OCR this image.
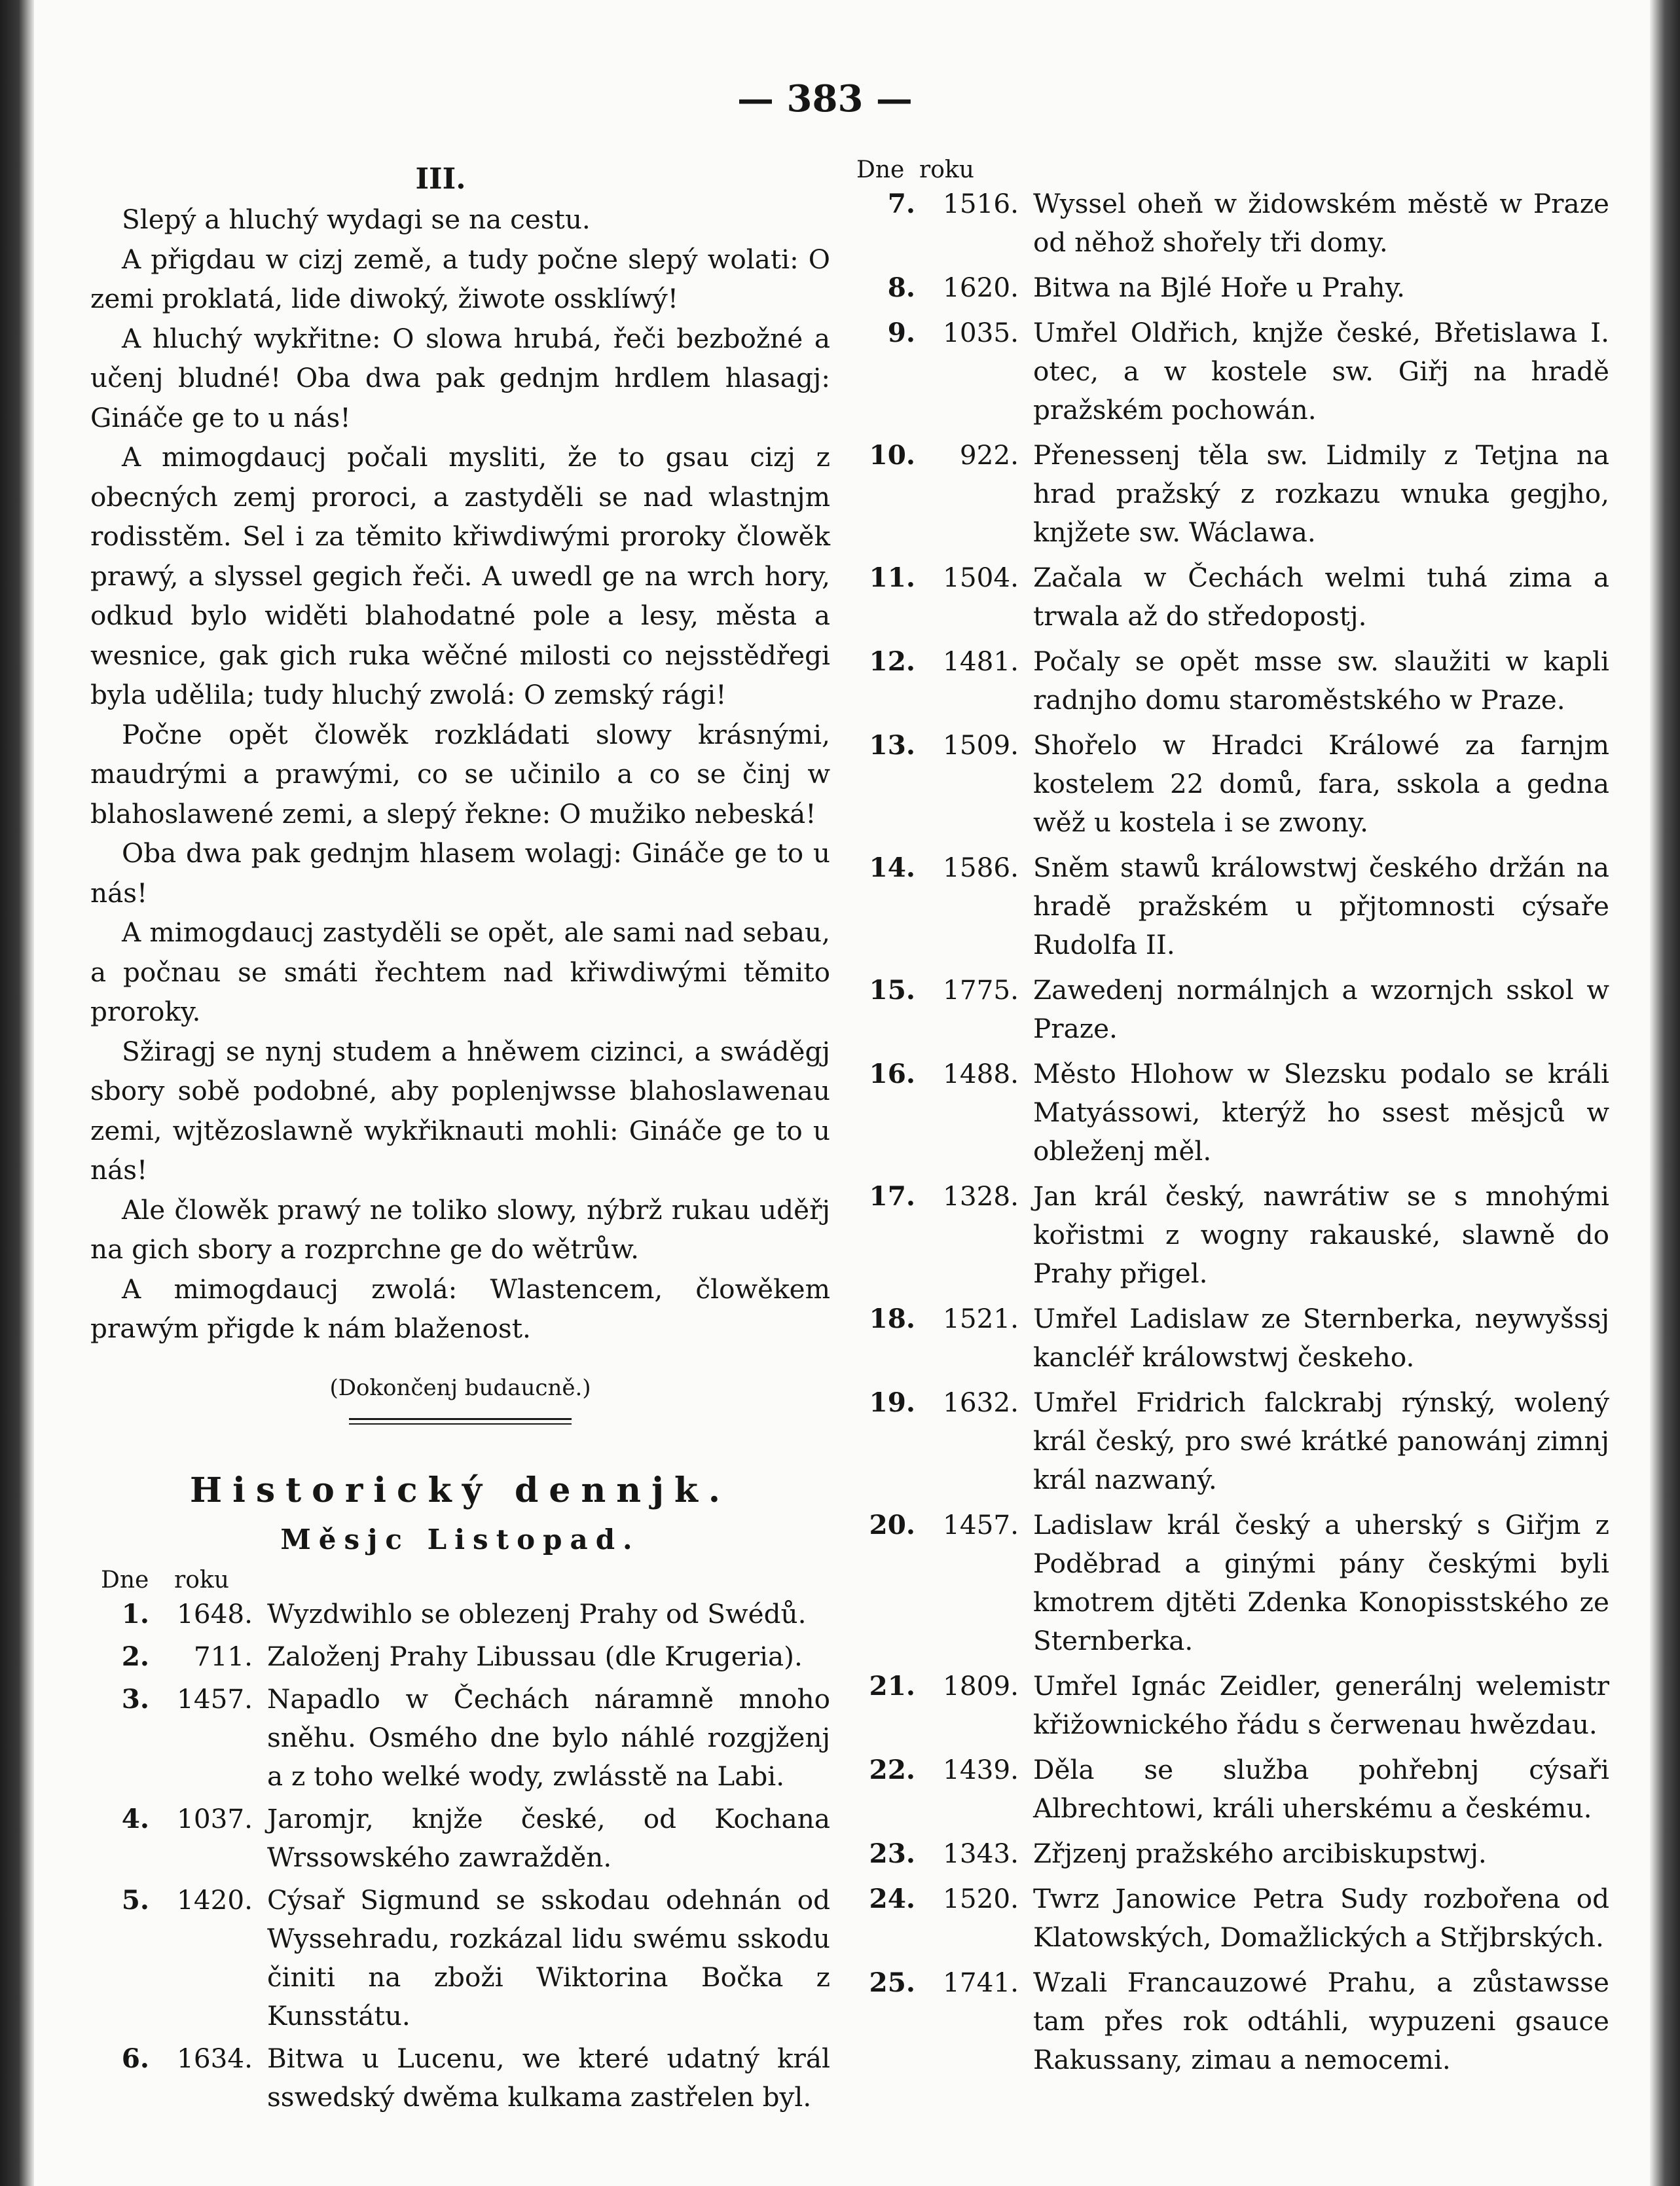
— 383 —
III.

Slepý a hluchý wydagi se na cestu.

A přigdau w cizj země, a tudy počne slepý wolati: O zemi proklatá, lide diwoký, žiwote ossklíwý!

A hluchý wykřitne: O slowa hrubá, řeči bezbožné a učenj bludné! Oba dwa pak gednjm hrdlem hlasagj: Gináče ge to u nás!

A mimogdaucj počali mysliti, že to gsau cizj z obecných zemj proroci, a zastyděli se nad wlastnjm rodisstěm. Sel i za těmito křiwdiwými proroky člowěk prawý, a slyssel gegich řeči. A uwedl ge na wrch hory, odkud bylo widěti blahodatné pole a lesy, města a wesnice, gak gich ruka wěčné milosti co nejsstědřegi byla udělila; tudy hluchý zwolá: O zemský rági!

Počne opět člowěk rozkládati slowy krásnými, maudrými a prawými, co se učinilo a co se činj w blahoslawené zemi, a slepý řekne: O mužiko nebeská!

Oba dwa pak gednjm hlasem wolagj: Gináče ge to u nás!

A mimogdaucj zastyděli se opět, ale sami nad sebau, a počnau se smáti řechtem nad křiwdiwými těmito proroky.

Sžiragj se nynj studem a hněwem cizinci, a swáděgj sbory sobě podobné, aby poplenjwsse blahoslawenau zemi, wjtězoslawně wykřiknauti mohli: Gináče ge to u nás!

Ale člowěk prawý ne toliko slowy, nýbrž rukau uděřj na gich sbory a rozprchne ge do wětrůw.

A mimogdaucj zwolá: Wlastencem, člowěkem prawým přigde k nám blaženost.

(Dokončenj budaucně.)
Historický dennjk.
Měsjc Listopad.
Dne	roku
1.	1648. Wyzdwihlo se oblezenj Prahy od Swédů.
2.	711. Založenj Prahy Libussau (dle Krugeria).
3.	1457. Napadlo w Čechách náramně mnoho sněhu. Osmého dne bylo náhlé rozgjženj a z toho welké wody, zwlásstě na Labi.
4.	1037. Jaromjr, knjže české, od Kochana Wrssowského zawražděn.
5.	1420. Cýsař Sigmund se sskodau odehnán od Wyssehradu, rozkázal lidu swému sskodu činiti na zboži Wiktorina Bočka z Kunsstátu.
6.	1634. Bitwa u Lucenu, we které udatný král sswedský dwěma kulkama zastřelen byl.
Dne roku
7.	1516. Wyssel oheň w židowském městě w Praze od něhož shořely tři domy.
8.	1620. Bitwa na Bjlé Hoře u Prahy.
9.	1035. Umřel Oldřich, knjže české, Břetislawa I. otec, a w kostele sw. Giřj na hradě pražském pochowán.
10.	922. Přenessenj těla sw. Lidmily z Tetjna na hrad pražský z rozkazu wnuka gegjho, knjžete sw. Wáclawa.
11.	1504. Začala w Čechách welmi tuhá zima a trwala až do středopostj.
12.	1481. Počaly se opět msse sw. slaužiti w kapli radnjho domu staroměstského w Praze.
13.	1509. Shořelo w Hradci Králowé za farnjm kostelem 22 domů, fara, sskola a gedna wěž u kostela i se zwony.
14.	1586. Sněm stawů králowstwj českého držán na hradě pražském u přjtomnosti cýsaře Rudolfa II.
15.	1775. Zawedenj normálnjch a wzornjch sskol w Praze.
16.	1488. Město Hlohow w Slezsku podalo se králi Matyássowi, kterýž ho ssest měsjců w obleženj měl.
17.	1328. Jan král český, nawrátiw se s mnohými kořistmi z wogny rakauské, slawně do Prahy přigel.
18.	1521. Umřel Ladislaw ze Sternberka, neywyšssj kancléř králowstwj českeho.
19.	1632. Umřel Fridrich falckrabj rýnský, wolený král český, pro swé krátké panowánj zimnj král nazwaný.
20.	1457. Ladislaw král český a uherský s Giřjm z Poděbrad a ginými pány českými byli kmotrem djtěti Zdenka Konopisstského ze Sternberka.
21.	1809. Umřel Ignác Zeidler, generálnj welemistr křižownického řádu s čerwenau hwězdau.
22.	1439. Děla se služba pohřebnj cýsaři Albrechtowi, králi uherskému a českému.
23.	1343. Zřjzenj pražského arcibiskupstwj.
24.	1520. Twrz Janowice Petra Sudy rozbořena od Klatowských, Domažlických a Střjbrských.
25.	1741. Wzali Francauzowé Prahu, a zůstawsse tam přes rok odtáhli, wypuzeni gsauce Rakussany, zimau a nemocemi.
